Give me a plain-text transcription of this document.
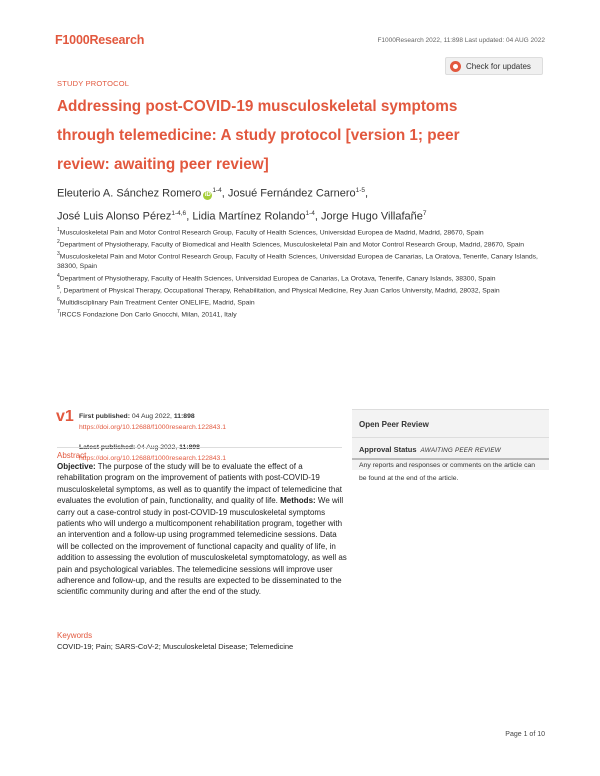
F1000Research	F1000Research 2022, 11:898 Last updated: 04 AUG 2022
Check for updates
STUDY PROTOCOL
Addressing post-COVID-19 musculoskeletal symptoms through telemedicine: A study protocol [version 1; peer review: awaiting peer review]
Eleuterio A. Sánchez Romero $iD^{1-4}$, Josué Fernández Carnero$^{1-5}$,
José Luis Alonso Pérez$^{1-4,6}$, Lidia Martínez Rolando$^{1-4}$, Jorge Hugo Villafañe$^7$

$^1$Musculoskeletal Pain and Motor Control Research Group, Faculty of Health Sciences, Universidad Europea de Madrid, Madrid, 28670, Spain

$^2$Department of Physiotherapy, Faculty of Biomedical and Health Sciences, Musculoskeletal Pain and Motor Control Research Group, Madrid, 28670, Spain

$^3$Musculoskeletal Pain and Motor Control Research Group, Faculty of Health Sciences, Universidad Europea de Canarias, La Oratova, Tenerife, Canary Islands, 38300, Spain

$^4$Department of Physiotherapy, Faculty of Health Sciences, Universidad Europea de Canarias, La Orotava, Tenerife, Canary Islands, 38300, Spain

$^5$, Department of Physical Therapy, Occupational Therapy, Rehabilitation, and Physical Medicine, Rey Juan Carlos University, Madrid, 28032, Spain

$^6$Multidisciplinary Pain Treatment Center ONELIFE, Madrid, Spain

$^7$IRCCS Fondazione Don Carlo Gnocchi, Milan, 20141, Italy

v1 First published: 04 Aug 2022, 11:898
https://doi.org/10.12688/f1000research.122843.1
Latest published: 04 Aug 2022, 11:898
https://doi.org/10.12688/f1000research.122843.1
Open Peer Review
Approval Status AWAITING PEER REVIEW
Any reports and responses or comments on the article can be found at the end of the article.
Abstract
Objective: The purpose of the study will be to evaluate the effect of a rehabilitation program on the improvement of patients with post-COVID-19 musculoskeletal symptoms, as well as to quantify the impact of telemedicine that evaluates the evolution of pain, functionality, and quality of life. Methods: We will carry out a case-control study in post-COVID-19 musculoskeletal symptoms patients who will undergo a multicomponent rehabilitation program, together with an intervention and a follow-up using programmed telemedicine sessions. Data will be collected on the improvement of functional capacity and quality of life, in addition to assessing the evolution of musculoskeletal symptomatology, as well as pain and psychological variables. The telemedicine sessions will improve user adherence and follow-up, and the results are expected to be disseminated to the scientific community during and after the end of the study.
Keywords
COVID-19; Pain; SARS-CoV-2; Musculoskeletal Disease; Telemedicine
Page 1 of 10
